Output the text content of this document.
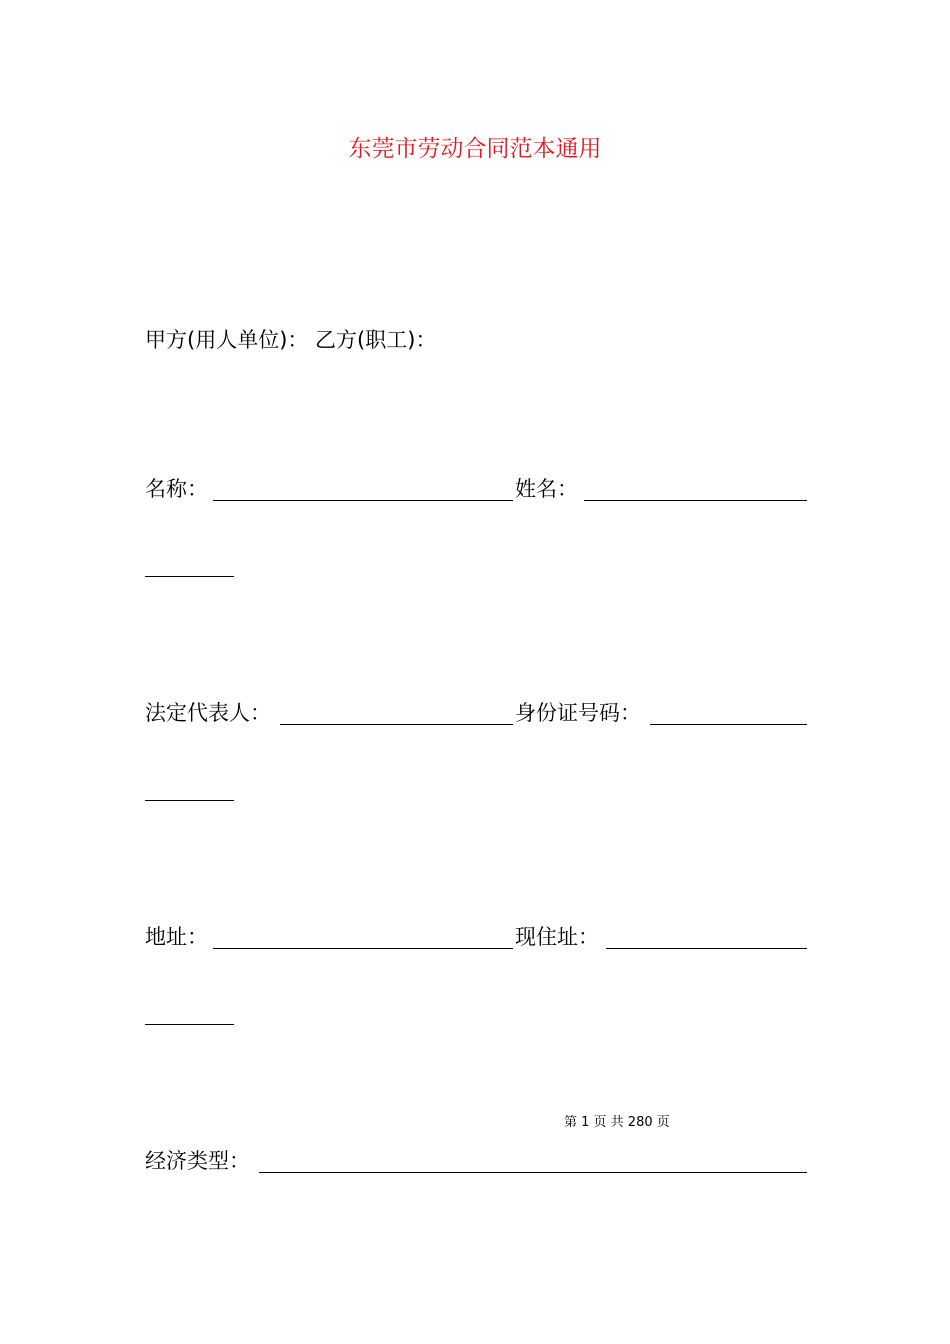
东莞市劳动合同范本通用
甲方(用人单位)： 乙方(职工)：
名称：	姓名：
法定代表人：	身份证号码：
地址：	现住址：
第 1 页 共 280 页
经济类型：
